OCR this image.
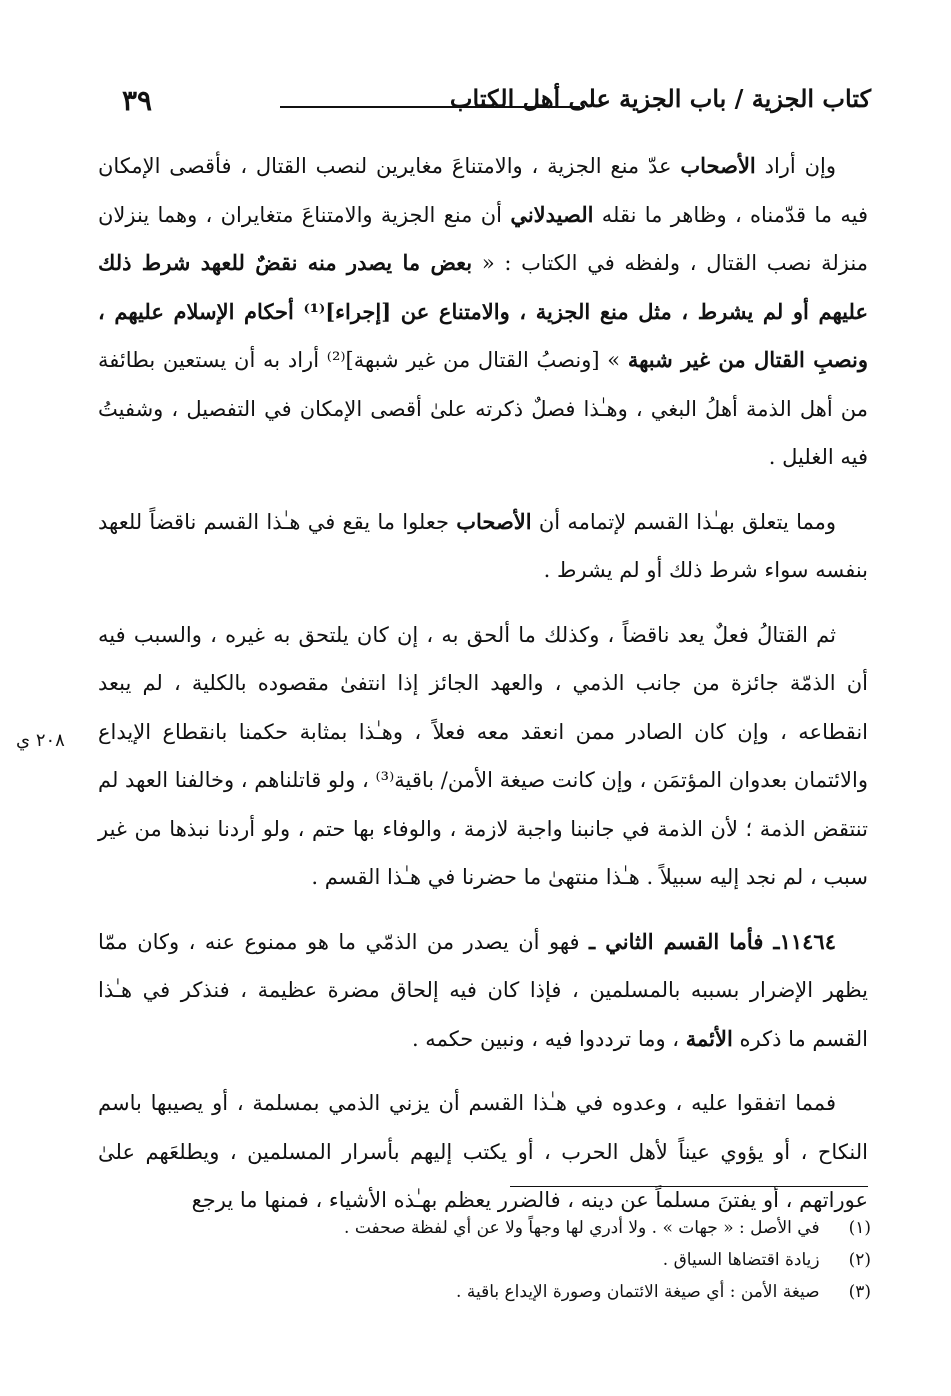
٣٩	كتاب الجزية / باب الجزية على أهل الكتاب

وإن أراد الأصحاب عدّ منع الجزية ، والامتناعَ مغايرين لنصب القتال ، فأقصى الإمكان فيه ما قدّمناه ، وظاهر ما نقله الصيدلاني أن منع الجزية والامتناعَ متغايران ، وهما ينزلان منزلة نصب القتال ، ولفظه في الكتاب : « بعض ما يصدر منه نقضٌ للعهد شرط ذلك عليهم أو لم يشرط ، مثل منع الجزية ، والامتناع عن [إجراء]⁽¹⁾ أحكام الإسلام عليهم ، ونصبِ القتال من غير شبهة » [ونصبُ القتال من غير شبهة]⁽²⁾ أراد به أن يستعين بطائفة من أهل الذمة أهلُ البغي ، وهـٰذا فصلٌ ذكرته علىٰ أقصى الإمكان في التفصيل ، وشفيتُ فيه الغليل .

ومما يتعلق بهـٰذا القسم لإتمامه أن الأصحاب جعلوا ما يقع في هـٰذا القسم ناقضاً للعهد بنفسه سواء شرط ذلك أو لم يشرط .

ثم القتالُ فعلٌ يعد ناقضاً ، وكذلك ما ألحق به ، إن كان يلتحق به غيره ، والسبب فيه أن الذمّة جائزة من جانب الذمي ، والعهد الجائز إذا انتفىٰ مقصوده بالكلية ، لم يبعد انقطاعه ، وإن كان الصادر ممن انعقد معه فعلاً ، وهـٰذا بمثابة حكمنا بانقطاع الإيداع والائتمان بعدوان المؤتمَن ، وإن كانت صيغة الأمن/ باقية⁽³⁾ ، ولو قاتلناهم ، وخالفنا العهد لم تنتقض الذمة ؛ لأن الذمة في جانبنا واجبة لازمة ، والوفاء بها حتم ، ولو أردنا نبذها من غير سبب ، لم نجد إليه سبيلاً . هـٰذا منتهىٰ ما حضرنا في هـٰذا القسم .

١١٤٦٤ـ فأما القسم الثاني ـ فهو أن يصدر من الذمّي ما هو ممنوع عنه ، وكان ممّا يظهر الإضرار بسببه بالمسلمين ، فإذا كان فيه إلحاق مضرة عظيمة ، فنذكر في هـٰذا القسم ما ذكره الأئمة ، وما ترددوا فيه ، ونبين حكمه .

فمما اتفقوا عليه ، وعدوه في هـٰذا القسم أن يزني الذمي بمسلمة ، أو يصيبها باسم النكاح ، أو يؤوي عيناً لأهل الحرب ، أو يكتب إليهم بأسرار المسلمين ، ويطلعَهم علىٰ عوراتهم ، أو يفتنَ مسلماً عن دينه ، فالضرر يعظم بهـٰذه الأشياء ، فمنها ما يرجع

٢٠٨ ي
(١) في الأصل : « جهات » . ولا أدري لها وجهاً ولا عن أي لفظة صحفت .
(٢) زيادة اقتضاها السياق .
(٣) صيغة الأمن : أي صيغة الائتمان وصورة الإيداع باقية .
